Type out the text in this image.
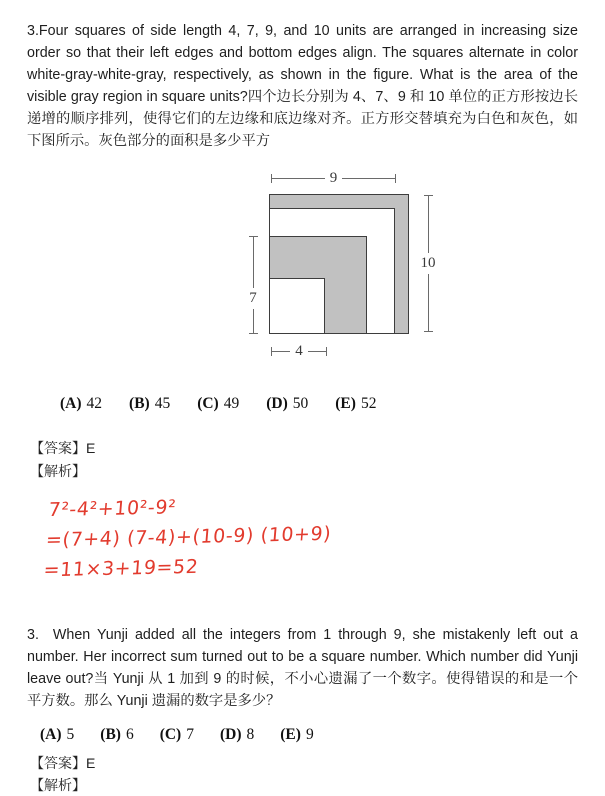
3.Four squares of side length 4, 7, 9, and 10 units are arranged in increasing size order so that their left edges and bottom edges align. The squares alternate in color white-gray-white-gray, respectively, as shown in the figure. What is the area of the visible gray region in square units?四个边长分别为 4、7、9 和 10 单位的正方形按边长递增的顺序排列，使得它们的左边缘和底边缘对齐。正方形交替填充为白色和灰色，如下图所示。灰色部分的面积是多少平方

9
4
7
10
(A) 42 (B) 45 (C) 49 (D) 50 (E) 52
【答案】E
【解析】
7²-4²+10²-9²
=(7+4) (7-4)+(10-9) (10+9)
=11×3+19=52

3.  When Yunji added all the integers from 1 through 9, she mistakenly left out a number. Her incorrect sum turned out to be a square number. Which number did Yunji leave out?当 Yunji 从 1 加到 9 的时候，不小心遗漏了一个数字。使得错误的和是一个平方数。那么 Yunji 遗漏的数字是多少？

(A) 5 (B) 6 (C) 7 (D) 8 (E) 9
【答案】E
【解析】
